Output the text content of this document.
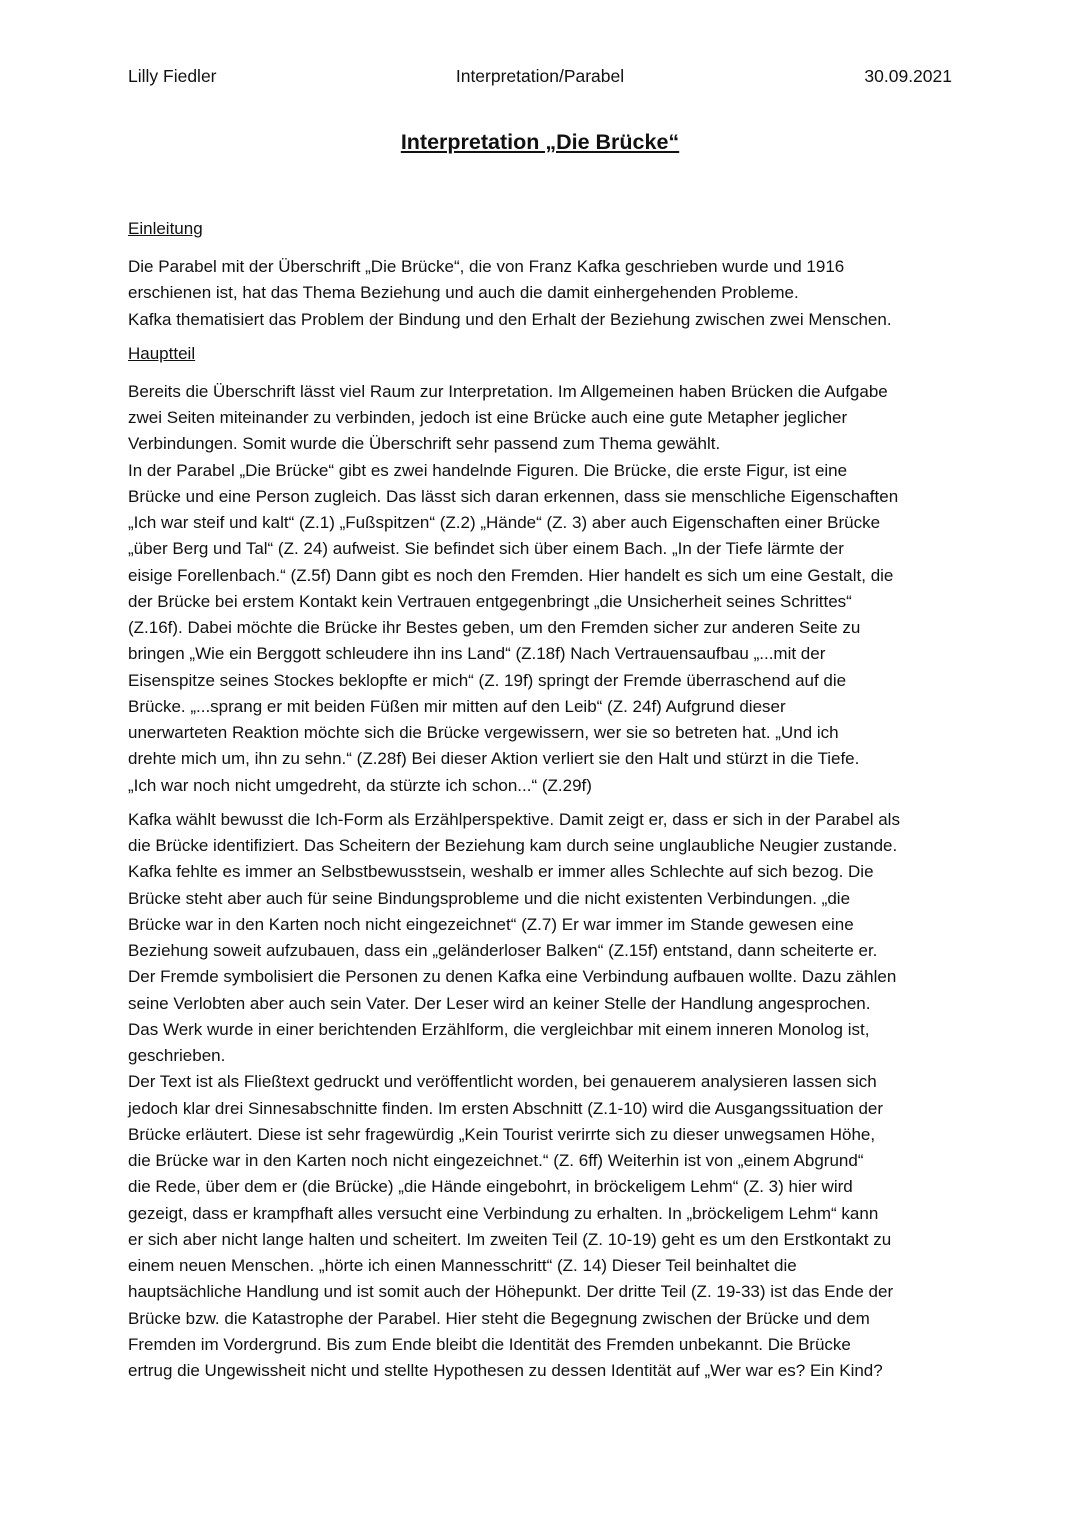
Lilly Fiedler	Interpretation/Parabel	30.09.2021
Interpretation „Die Brücke“
Einleitung
Die Parabel mit der Überschrift „Die Brücke“, die von Franz Kafka geschrieben wurde und 1916
erschienen ist, hat das Thema Beziehung und auch die damit einhergehenden Probleme.
Kafka thematisiert das Problem der Bindung und den Erhalt der Beziehung zwischen zwei Menschen.
Hauptteil
Bereits die Überschrift lässt viel Raum zur Interpretation. Im Allgemeinen haben Brücken die Aufgabe
zwei Seiten miteinander zu verbinden, jedoch ist eine Brücke auch eine gute Metapher jeglicher
Verbindungen. Somit wurde die Überschrift sehr passend zum Thema gewählt.
In der Parabel „Die Brücke“ gibt es zwei handelnde Figuren. Die Brücke, die erste Figur, ist eine
Brücke und eine Person zugleich. Das lässt sich daran erkennen, dass sie menschliche Eigenschaften
„Ich war steif und kalt“ (Z.1) „Fußspitzen“ (Z.2) „Hände“ (Z. 3) aber auch Eigenschaften einer Brücke
„über Berg und Tal“ (Z. 24) aufweist. Sie befindet sich über einem Bach. „In der Tiefe lärmte der
eisige Forellenbach.“ (Z.5f) Dann gibt es noch den Fremden. Hier handelt es sich um eine Gestalt, die
der Brücke bei erstem Kontakt kein Vertrauen entgegenbringt „die Unsicherheit seines Schrittes“
(Z.16f). Dabei möchte die Brücke ihr Bestes geben, um den Fremden sicher zur anderen Seite zu
bringen „Wie ein Berggott schleudere ihn ins Land“ (Z.18f) Nach Vertrauensaufbau „...mit der
Eisenspitze seines Stockes beklopfte er mich“ (Z. 19f) springt der Fremde überraschend auf die
Brücke. „...sprang er mit beiden Füßen mir mitten auf den Leib“ (Z. 24f) Aufgrund dieser
unerwarteten Reaktion möchte sich die Brücke vergewissern, wer sie so betreten hat. „Und ich
drehte mich um, ihn zu sehn.“ (Z.28f) Bei dieser Aktion verliert sie den Halt und stürzt in die Tiefe.
„Ich war noch nicht umgedreht, da stürzte ich schon...“ (Z.29f)
Kafka wählt bewusst die Ich-Form als Erzählperspektive. Damit zeigt er, dass er sich in der Parabel als
die Brücke identifiziert. Das Scheitern der Beziehung kam durch seine unglaubliche Neugier zustande.
Kafka fehlte es immer an Selbstbewusstsein, weshalb er immer alles Schlechte auf sich bezog. Die
Brücke steht aber auch für seine Bindungsprobleme und die nicht existenten Verbindungen. „die
Brücke war in den Karten noch nicht eingezeichnet“ (Z.7) Er war immer im Stande gewesen eine
Beziehung soweit aufzubauen, dass ein „geländerloser Balken“ (Z.15f) entstand, dann scheiterte er.
Der Fremde symbolisiert die Personen zu denen Kafka eine Verbindung aufbauen wollte. Dazu zählen
seine Verlobten aber auch sein Vater. Der Leser wird an keiner Stelle der Handlung angesprochen.
Das Werk wurde in einer berichtenden Erzählform, die vergleichbar mit einem inneren Monolog ist,
geschrieben.
Der Text ist als Fließtext gedruckt und veröffentlicht worden, bei genauerem analysieren lassen sich
jedoch klar drei Sinnesabschnitte finden. Im ersten Abschnitt (Z.1-10) wird die Ausgangssituation der
Brücke erläutert. Diese ist sehr fragewürdig „Kein Tourist verirrte sich zu dieser unwegsamen Höhe,
die Brücke war in den Karten noch nicht eingezeichnet.“ (Z. 6ff) Weiterhin ist von „einem Abgrund“
die Rede, über dem er (die Brücke) „die Hände eingebohrt, in bröckeligem Lehm“ (Z. 3) hier wird
gezeigt, dass er krampfhaft alles versucht eine Verbindung zu erhalten. In „bröckeligem Lehm“ kann
er sich aber nicht lange halten und scheitert. Im zweiten Teil (Z. 10-19) geht es um den Erstkontakt zu
einem neuen Menschen. „hörte ich einen Mannesschritt“ (Z. 14) Dieser Teil beinhaltet die
hauptsächliche Handlung und ist somit auch der Höhepunkt. Der dritte Teil (Z. 19-33) ist das Ende der
Brücke bzw. die Katastrophe der Parabel. Hier steht die Begegnung zwischen der Brücke und dem
Fremden im Vordergrund. Bis zum Ende bleibt die Identität des Fremden unbekannt. Die Brücke
ertrug die Ungewissheit nicht und stellte Hypothesen zu dessen Identität auf „Wer war es? Ein Kind?
